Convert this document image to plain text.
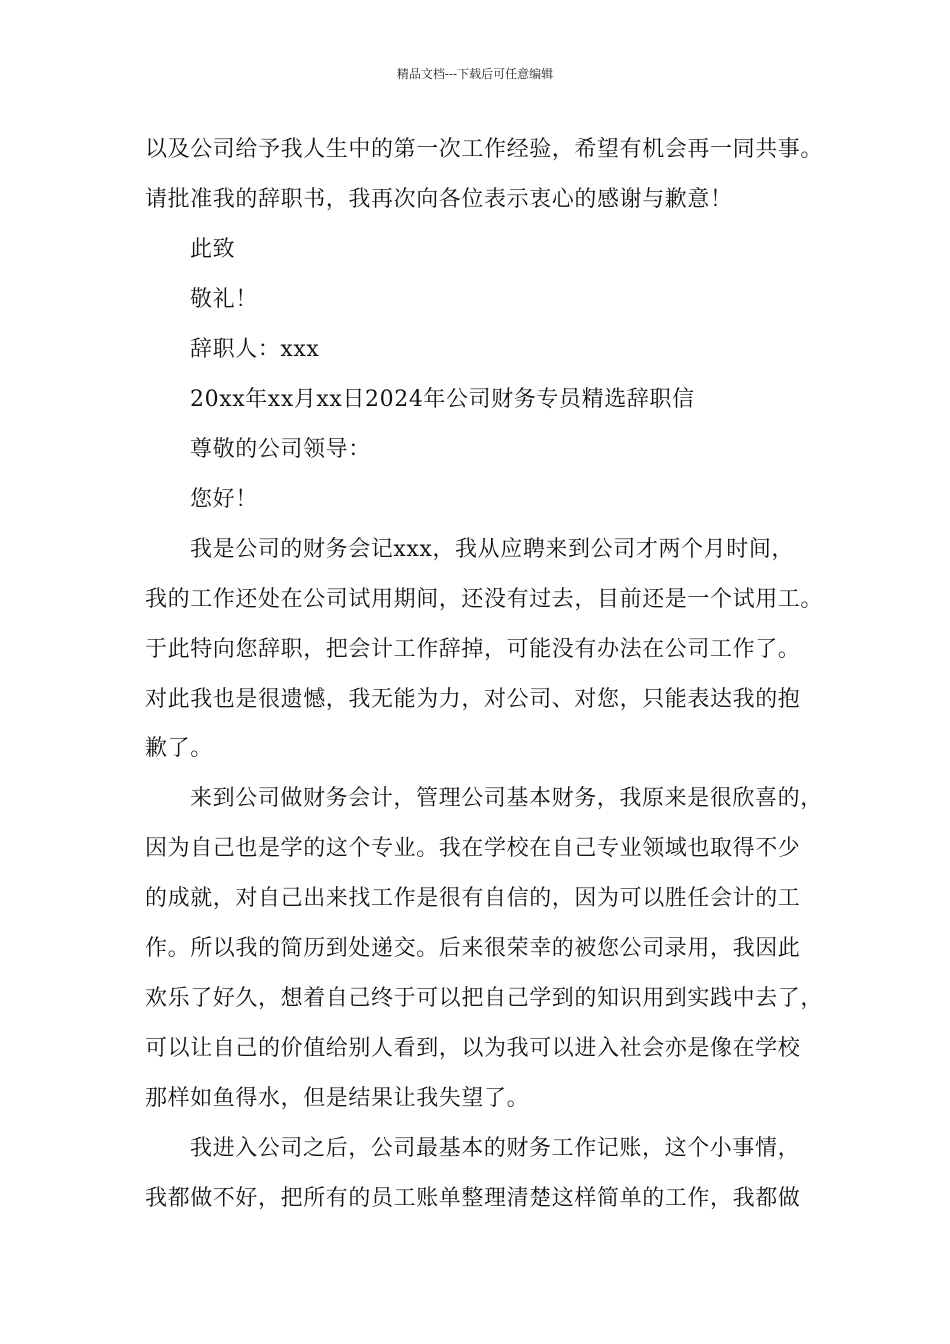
精品文档---下载后可任意编辑
以及公司给予我人生中的第一次工作经验，希望有机会再一同共事。
请批准我的辞职书，我再次向各位表示衷心的感谢与歉意！
此致
敬礼！
辞职人：xxx
20xx年xx月xx日2024年公司财务专员精选辞职信
尊敬的公司领导：
您好！
我是公司的财务会记xxx，我从应聘来到公司才两个月时间，
我的工作还处在公司试用期间，还没有过去，目前还是一个试用工。
于此特向您辞职，把会计工作辞掉，可能没有办法在公司工作了。
对此我也是很遗憾，我无能为力，对公司、对您，只能表达我的抱
歉了。
来到公司做财务会计，管理公司基本财务，我原来是很欣喜的，
因为自己也是学的这个专业。我在学校在自己专业领域也取得不少
的成就，对自己出来找工作是很有自信的，因为可以胜任会计的工
作。所以我的简历到处递交。后来很荣幸的被您公司录用，我因此
欢乐了好久，想着自己终于可以把自己学到的知识用到实践中去了，
可以让自己的价值给别人看到，以为我可以进入社会亦是像在学校
那样如鱼得水，但是结果让我失望了。
我进入公司之后，公司最基本的财务工作记账，这个小事情，
我都做不好，把所有的员工账单整理清楚这样简单的工作，我都做
